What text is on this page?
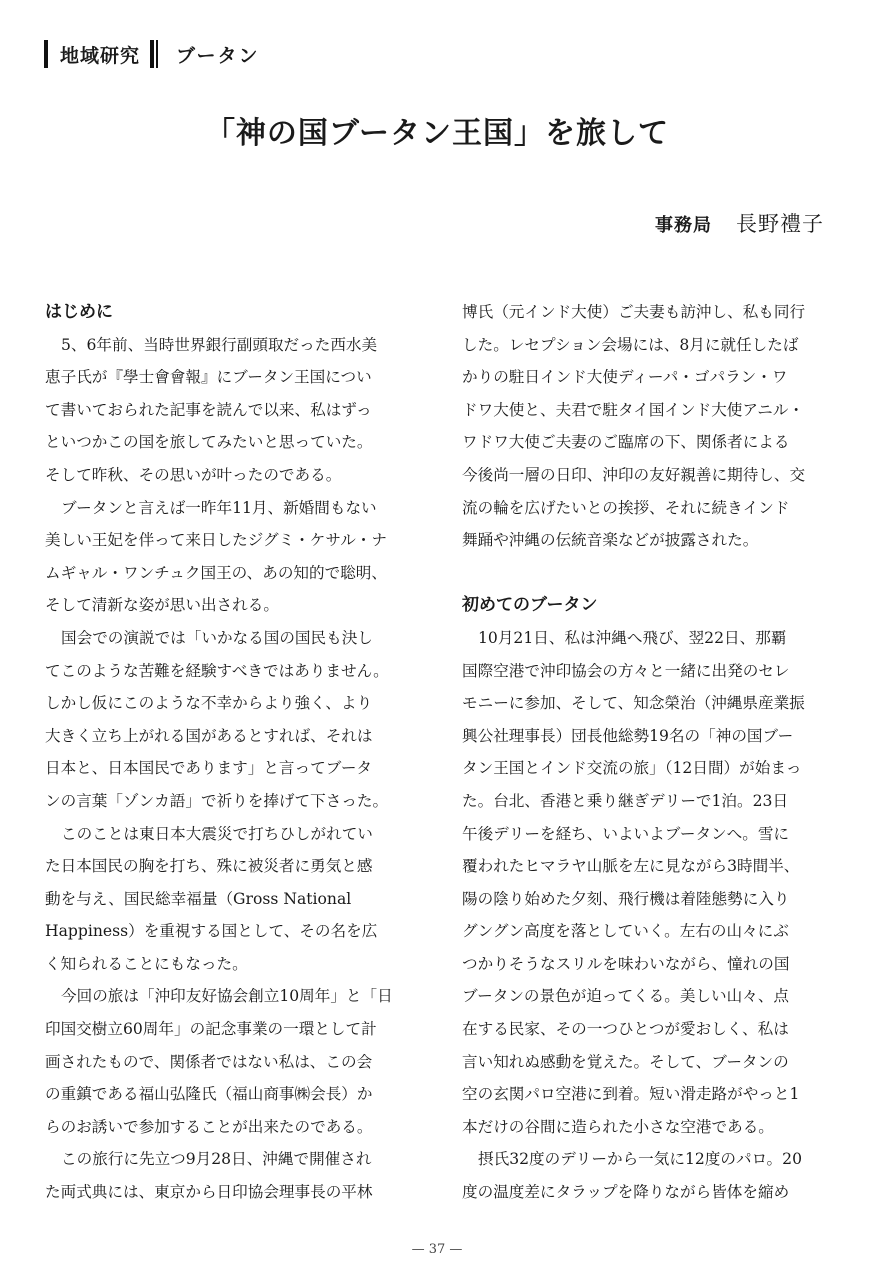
地域研究 ブータン
「神の国ブータン王国」を旅して
事務局 長野禮子
はじめに
5、6年前、当時世界銀行副頭取だった西水美
恵子氏が『學士會會報』にブータン王国につい
て書いておられた記事を読んで以来、私はずっ
といつかこの国を旅してみたいと思っていた。
そして昨秋、その思いが叶ったのである。
ブータンと言えば一昨年11月、新婚間もない
美しい王妃を伴って来日したジグミ・ケサル・ナ
ムギャル・ワンチュク国王の、あの知的で聡明、
そして清新な姿が思い出される。
国会での演説では「いかなる国の国民も決し
てこのような苦難を経験すべきではありません。
しかし仮にこのような不幸からより強く、より
大きく立ち上がれる国があるとすれば、それは
日本と、日本国民であります」と言ってブータ
ンの言葉「ゾンカ語」で祈りを捧げて下さった。
このことは東日本大震災で打ちひしがれてい
た日本国民の胸を打ち、殊に被災者に勇気と感
動を与え、国民総幸福量（Gross National
Happiness）を重視する国として、その名を広
く知られることにもなった。
今回の旅は「沖印友好協会創立10周年」と「日
印国交樹立60周年」の記念事業の一環として計
画されたもので、関係者ではない私は、この会
の重鎮である福山弘隆氏（福山商事㈱会長）か
らのお誘いで参加することが出来たのである。
この旅行に先立つ9月28日、沖縄で開催され
た両式典には、東京から日印協会理事長の平林
博氏（元インド大使）ご夫妻も訪沖し、私も同行
した。レセプション会場には、8月に就任したば
かりの駐日インド大使ディーパ・ゴパラン・ワ
ドワ大使と、夫君で駐タイ国インド大使アニル・
ワドワ大使ご夫妻のご臨席の下、関係者による
今後尚一層の日印、沖印の友好親善に期待し、交
流の輪を広げたいとの挨拶、それに続きインド
舞踊や沖縄の伝統音楽などが披露された。
初めてのブータン
10月21日、私は沖縄へ飛び、翌22日、那覇
国際空港で沖印協会の方々と一緒に出発のセレ
モニーに参加、そして、知念榮治（沖縄県産業振
興公社理事長）団長他総勢19名の「神の国ブー
タン王国とインド交流の旅」（12日間）が始まっ
た。台北、香港と乗り継ぎデリーで1泊。23日
午後デリーを経ち、いよいよブータンへ。雪に
覆われたヒマラヤ山脈を左に見ながら3時間半、
陽の陰り始めた夕刻、飛行機は着陸態勢に入り
グングン高度を落としていく。左右の山々にぶ
つかりそうなスリルを味わいながら、憧れの国
ブータンの景色が迫ってくる。美しい山々、点
在する民家、その一つひとつが愛おしく、私は
言い知れぬ感動を覚えた。そして、ブータンの
空の玄関パロ空港に到着。短い滑走路がやっと1
本だけの谷間に造られた小さな空港である。
摂氏32度のデリーから一気に12度のパロ。20
度の温度差にタラップを降りながら皆体を縮め
— 37 —
